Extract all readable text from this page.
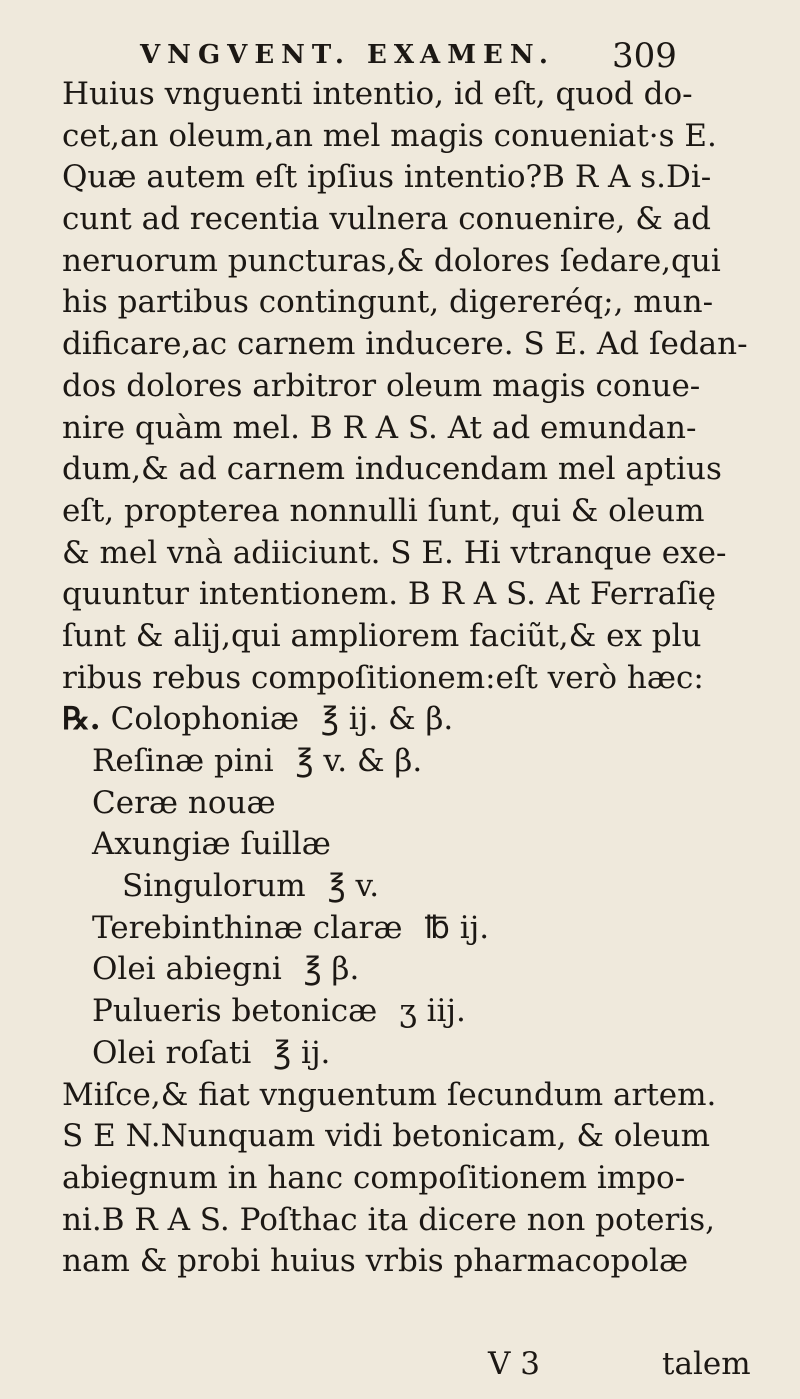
VNGVENT. EXAMEN. 309
Huius vnguenti intentio, id eſt, quod do-
cet,an oleum,an mel magis conueniat·s E.
Quæ autem eſt ipſius intentio?B R A s.Di-
cunt ad recentia vulnera conuenire, & ad
neruorum puncturas,& dolores ſedare,qui
his partibus contingunt, digereréq;, mun-
dificare,ac carnem inducere. S E. Ad ſedan-
dos dolores arbitror oleum magis conue-
nire quàm mel. B R A S. At ad emundan-
dum,& ad carnem inducendam mel aptius
eſt, propterea nonnulli ſunt, qui & oleum
& mel vnà adiiciunt. S E. Hi vtranque exe-
quuntur intentionem. B R A S. At Ferraſię
ſunt & alij,qui ampliorem faciũt,& ex plu
ribus rebus compoſitionem:eſt verò hæc:
℞. Colophoniæ ℥ ij. & β.
Reſinæ pini ℥ v. & β.
Ceræ nouæ
Axungiæ ſuillæ
Singulorum ℥ v.
Terebinthinæ claræ ℔ ij.
Olei abiegni ℥ β.
Pulueris betonicæ ʒ iij.
Olei roſati ℥ ij.
Miſce,& fiat vnguentum ſecundum artem.
S E N.Nunquam vidi betonicam, & oleum
abiegnum in hanc compoſitionem impo-
ni.B R A S. Poſthac ita dicere non poteris,
nam & probi huius vrbis pharmacopolæ
V 3	talem
